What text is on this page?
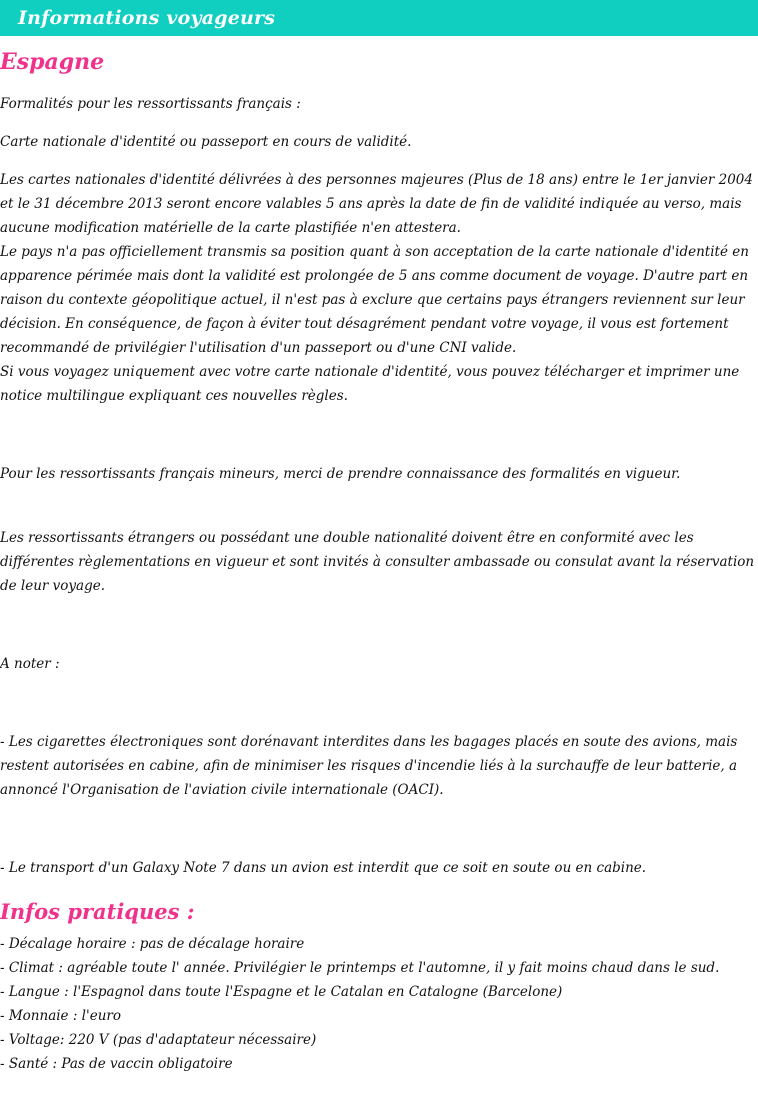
Informations voyageurs
Espagne

Formalités pour les ressortissants français :

Carte nationale d'identité ou passeport en cours de validité.

Les cartes nationales d'identité délivrées à des personnes majeures (Plus de 18 ans) entre le 1er janvier 2004 et le 31 décembre 2013 seront encore valables 5 ans après la date de fin de validité indiquée au verso, mais aucune modification matérielle de la carte plastifiée n'en attestera.

Le pays n'a pas officiellement transmis sa position quant à son acceptation de la carte nationale d'identité en apparence périmée mais dont la validité est prolongée de 5 ans comme document de voyage. D'autre part en raison du contexte géopolitique actuel, il n'est pas à exclure que certains pays étrangers reviennent sur leur décision. En conséquence, de façon à éviter tout désagrément pendant votre voyage, il vous est fortement recommandé de privilégier l'utilisation d'un passeport ou d'une CNI valide.

Si vous voyagez uniquement avec votre carte nationale d'identité, vous pouvez télécharger et imprimer une notice multilingue expliquant ces nouvelles règles.

Pour les ressortissants français mineurs, merci de prendre connaissance des formalités en vigueur.

Les ressortissants étrangers ou possédant une double nationalité doivent être en conformité avec les différentes règlementations en vigueur et sont invités à consulter ambassade ou consulat avant la réservation de leur voyage.

A noter :

- Les cigarettes électroniques sont dorénavant interdites dans les bagages placés en soute des avions, mais restent autorisées en cabine, afin de minimiser les risques d'incendie liés à la surchauffe de leur batterie, a annoncé l'Organisation de l'aviation civile internationale (OACI).

- Le transport d'un Galaxy Note 7 dans un avion est interdit que ce soit en soute ou en cabine.

Infos pratiques :

- Décalage horaire : pas de décalage horaire

- Climat : agréable toute l' année. Privilégier le printemps et l'automne, il y fait moins chaud dans le sud.

- Langue : l'Espagnol dans toute l'Espagne et le Catalan en Catalogne (Barcelone)

- Monnaie : l'euro

- Voltage: 220 V (pas d'adaptateur nécessaire)

- Santé : Pas de vaccin obligatoire
